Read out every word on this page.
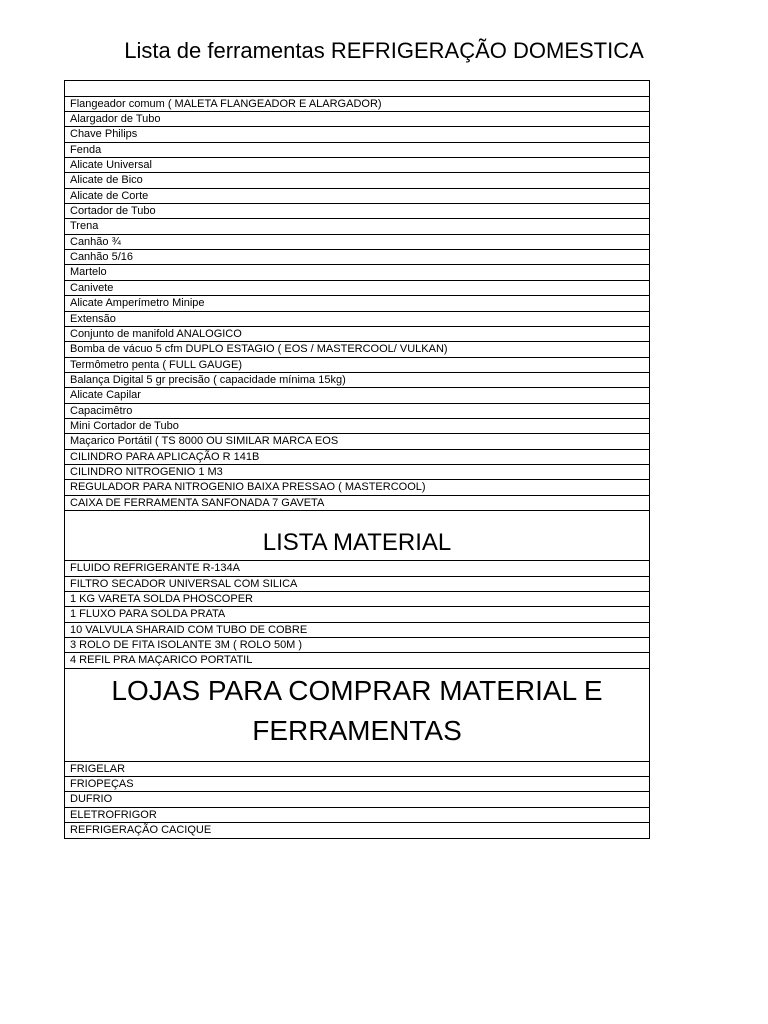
Lista de ferramentas REFRIGERAÇÃO DOMESTICA
Flangeador comum ( MALETA FLANGEADOR E ALARGADOR)
Alargador de Tubo
Chave Philips
Fenda
Alicate Universal
Alicate de Bico
Alicate de Corte
Cortador de Tubo
Trena
Canhão ¾
Canhão 5/16
Martelo
Canivete
Alicate Amperímetro Minipe
Extensão
Conjunto de manifold ANALOGICO
Bomba de vácuo 5 cfm DUPLO ESTAGIO ( EOS / MASTERCOOL/ VULKAN)
Termômetro penta ( FULL GAUGE)
Balança Digital 5 gr precisão ( capacidade mínima 15kg)
Alicate Capilar
Capacimêtro
Mini Cortador de Tubo
Maçarico Portátil ( TS 8000 OU SIMILAR MARCA EOS
CILINDRO PARA APLICAÇÃO R 141B
CILINDRO NITROGENIO 1 M3
REGULADOR PARA NITROGENIO BAIXA PRESSAO ( MASTERCOOL)
CAIXA DE FERRAMENTA SANFONADA 7 GAVETA
LISTA MATERIAL
FLUIDO REFRIGERANTE R-134A
FILTRO SECADOR UNIVERSAL COM SILICA
1 KG VARETA SOLDA PHOSCOPER
1 FLUXO PARA SOLDA PRATA
10 VALVULA SHARAID COM TUBO DE COBRE
3 ROLO DE FITA ISOLANTE 3M ( ROLO 50M )
4 REFIL PRA MAÇARICO PORTATIL
LOJAS PARA COMPRAR MATERIAL E
FERRAMENTAS
FRIGELAR
FRIOPEÇAS
DUFRIO
ELETROFRIGOR
REFRIGERAÇÃO CACIQUE
